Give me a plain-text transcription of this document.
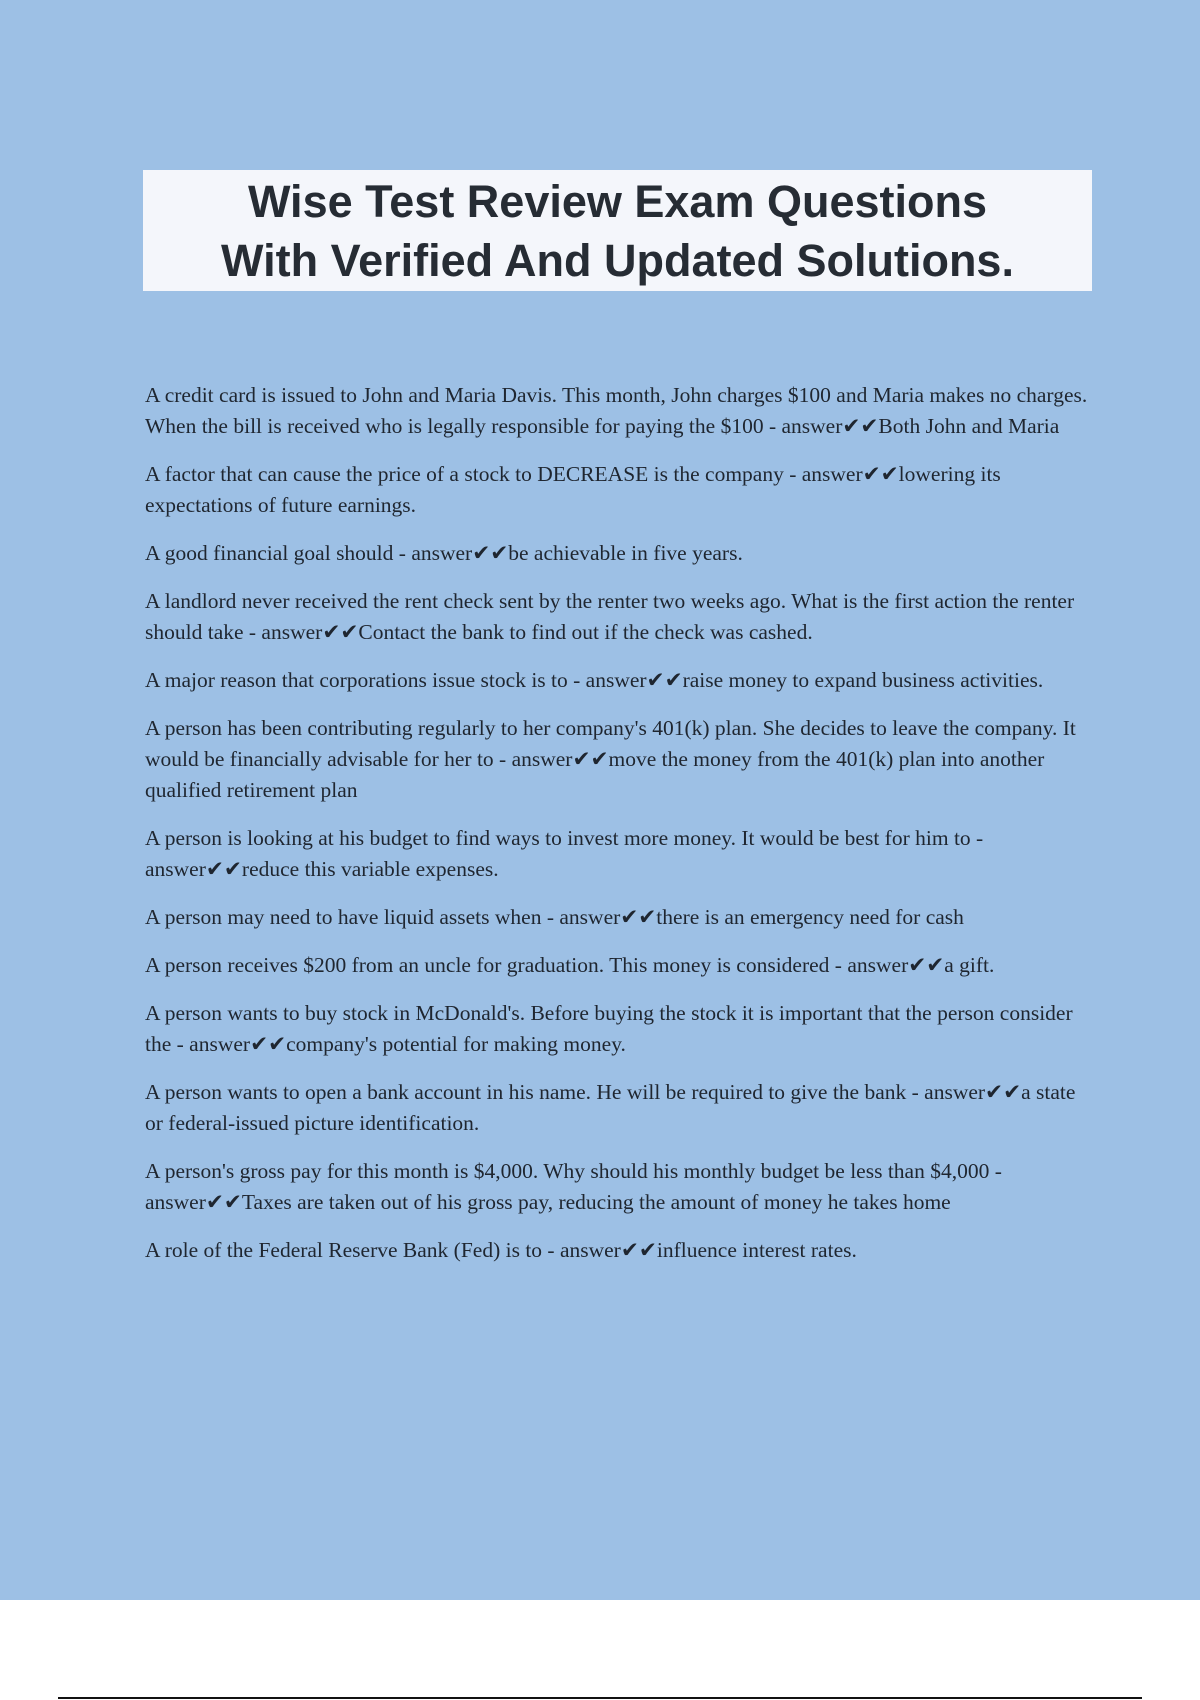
Wise Test Review Exam Questions
With Verified And Updated Solutions.

A credit card is issued to John and Maria Davis. This month, John charges $100 and Maria makes no charges. When the bill is received who is legally responsible for paying the $100 - answer✔✔Both John and Maria

A factor that can cause the price of a stock to DECREASE is the company - answer✔✔lowering its expectations of future earnings.

A good financial goal should - answer✔✔be achievable in five years.

A landlord never received the rent check sent by the renter two weeks ago. What is the first action the renter should take - answer✔✔Contact the bank to find out if the check was cashed.

A major reason that corporations issue stock is to - answer✔✔raise money to expand business activities.

A person has been contributing regularly to her company's 401(k) plan. She decides to leave the company. It would be financially advisable for her to - answer✔✔move the money from the 401(k) plan into another qualified retirement plan

A person is looking at his budget to find ways to invest more money. It would be best for him to - answer✔✔reduce this variable expenses.

A person may need to have liquid assets when - answer✔✔there is an emergency need for cash

A person receives $200 from an uncle for graduation. This money is considered - answer✔✔a gift.

A person wants to buy stock in McDonald's. Before buying the stock it is important that the person consider the - answer✔✔company's potential for making money.

A person wants to open a bank account in his name. He will be required to give the bank - answer✔✔a state or federal-issued picture identification.

A person's gross pay for this month is $4,000. Why should his monthly budget be less than $4,000 - answer✔✔Taxes are taken out of his gross pay, reducing the amount of money he takes home

A role of the Federal Reserve Bank (Fed) is to - answer✔✔influence interest rates.
